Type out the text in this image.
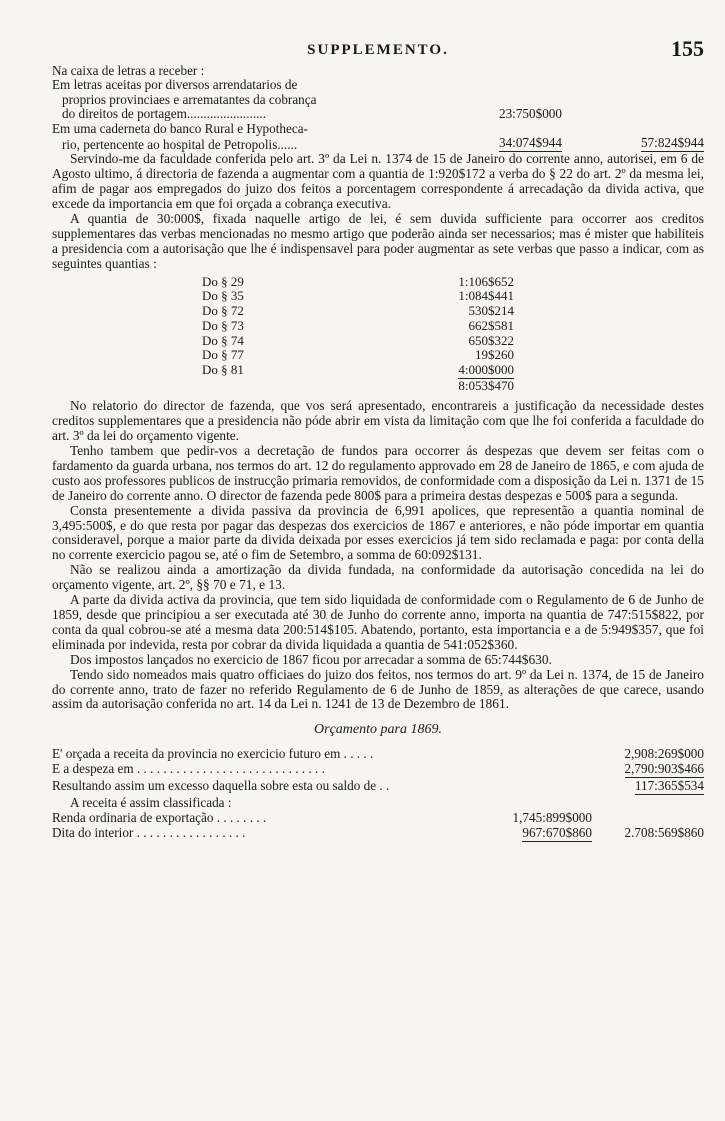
SUPPLEMENTO.	155
Na caixa de letras a receber :
Em letras aceitas por diversos arrendatarios de
proprios provinciaes e arrematantes da cobrança
do direitos de portagem........................	23:750$000
Em uma caderneta do banco Rural e Hypotheca-
rio, pertencente ao hospital de Petropolis......	34:074$944	57:824$944

Servindo-me da faculdade conferida pelo art. 3º da Lei n. 1374 de 15 de Janeiro do corrente anno, autorisei, em 6 de Agosto ultimo, á directoria de fazenda a augmentar com a quantia de 1:920$172 a verba do § 22 do art. 2º da mesma lei, afim de pagar aos empregados do juizo dos feitos a porcentagem correspondente á arrecadação da divida activa, que excede da importancia em que foi orçada a cobrança executiva.

A quantia de 30:000$, fixada naquelle artigo de lei, é sem duvida sufficiente para occorrer aos creditos supplementares das verbas mencionadas no mesmo artigo que poderão ainda ser necessarios; mas é mister que habiliteis a presidencia com a autorisação que lhe é indispensavel para poder augmentar as sete verbas que passo a indicar, com as seguintes quantias :

Do § 29	1:106$652
Do § 35	1:084$441
Do § 72	530$214
Do § 73	662$581
Do § 74	650$322
Do § 77	19$260
Do § 81	4:000$000
8:053$470

No relatorio do director de fazenda, que vos será apresentado, encontrareis a justificação da necessidade destes creditos supplementares que a presidencia não póde abrir em vista da limitação com que lhe foi conferida a faculdade do art. 3º da lei do orçamento vigente.

Tenho tambem que pedir-vos a decretação de fundos para occorrer ás despezas que devem ser feitas com o fardamento da guarda urbana, nos termos do art. 12 do regulamento approvado em 28 de Janeiro de 1865, e com ajuda de custo aos professores publicos de instrucção primaria removidos, de conformidade com a disposição da Lei n. 1371 de 15 de Janeiro do corrente anno. O director de fazenda pede 800$ para a primeira destas despezas e 500$ para a segunda.

Consta presentemente a divida passiva da provincia de 6,991 apolices, que representão a quantia nominal de 3,495:500$, e do que resta por pagar das despezas dos exercicios de 1867 e anteriores, e não póde importar em quantia consideravel, porque a maior parte da divida deixada por esses exercicios já tem sido reclamada e paga: por conta della no corrente exercicio pagou se, até o fim de Setembro, a somma de 60:092$131.

Não se realizou ainda a amortização da divida fundada, na conformidade da autorisação concedida na lei do orçamento vigente, art. 2º, §§ 70 e 71, e 13.

A parte da divida activa da provincia, que tem sido liquidada de conformidade com o Regulamento de 6 de Junho de 1859, desde que principiou a ser executada até 30 de Junho do corrente anno, importa na quantia de 747:515$822, por conta da qual cobrou-se até a mesma data 200:514$105. Abatendo, portanto, esta importancia e a de 5:949$357, que foi eliminada por indevida, resta por cobrar da divida liquidada a quantia de 541:052$360.

Dos impostos lançados no exercicio de 1867 ficou por arrecadar a somma de 65:744$630.

Tendo sido nomeados mais quatro officiaes do juizo dos feitos, nos termos do art. 9º da Lei n. 1374, de 15 de Janeiro do corrente anno, trato de fazer no referido Regulamento de 6 de Junho de 1859, as alterações de que carece, usando assim da autorisação conferida no art. 14 da Lei n. 1241 de 13 de Dezembro de 1861.

Orçamento para 1869.
E' orçada a receita da provincia no exercicio futuro em . . . . .	2,908:269$000
E a despeza em . . . . . . . . . . . . . . . . . . . . . . . . . . . . .	2,790:903$466
Resultando assim um excesso daquella sobre esta ou saldo de . .	117:365$534
A receita é assim classificada :
Renda ordinaria de exportação . . . . . . . .	1,745:899$000
Dita do interior . . . . . . . . . . . . . . . . .	967:670$860	2.708:569$860
